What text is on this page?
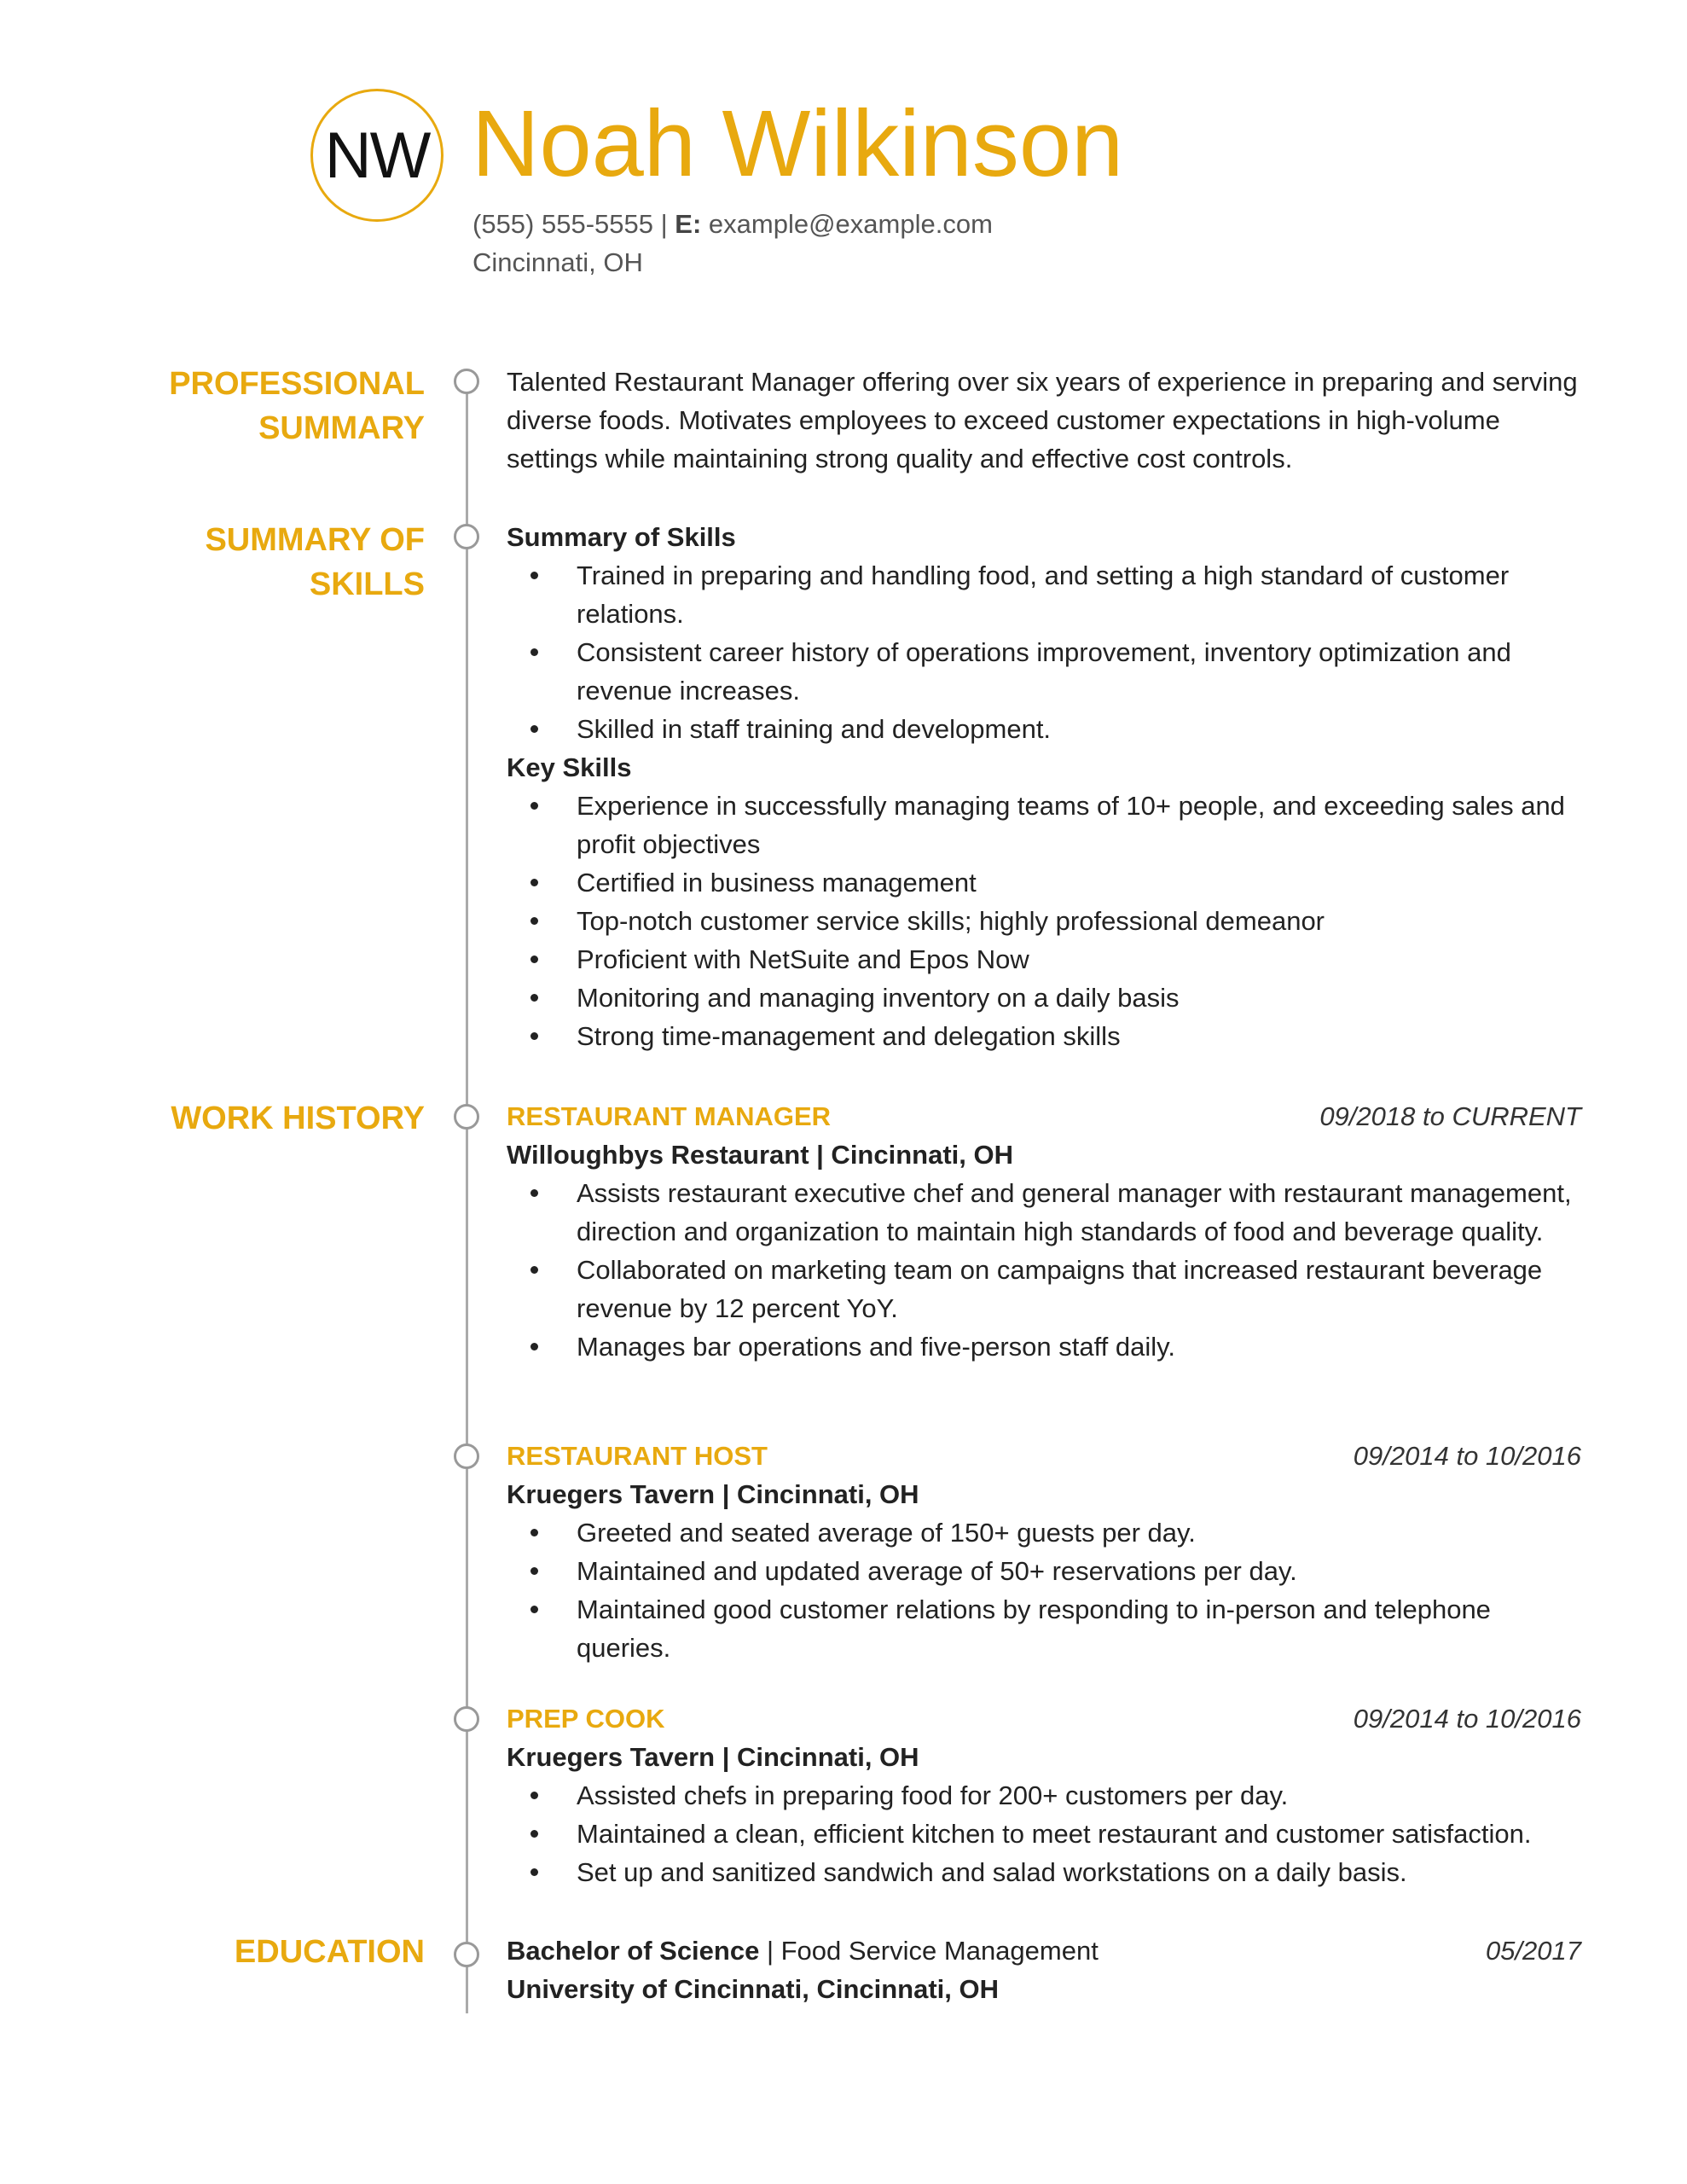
NW Noah Wilkinson
(555) 555-5555 | E: example@example.com
Cincinnati, OH
PROFESSIONAL SUMMARY
Talented Restaurant Manager offering over six years of experience in preparing and serving diverse foods. Motivates employees to exceed customer expectations in high-volume settings while maintaining strong quality and effective cost controls.
SUMMARY OF SKILLS
Summary of Skills
Trained in preparing and handling food, and setting a high standard of customer relations.
Consistent career history of operations improvement, inventory optimization and revenue increases.
Skilled in staff training and development.
Key Skills
Experience in successfully managing teams of 10+ people, and exceeding sales and profit objectives
Certified in business management
Top-notch customer service skills; highly professional demeanor
Proficient with NetSuite and Epos Now
Monitoring and managing inventory on a daily basis
Strong time-management and delegation skills
WORK HISTORY	RESTAURANT MANAGER	09/2018 to CURRENT
Willoughbys Restaurant | Cincinnati, OH
Assists restaurant executive chef and general manager with restaurant management, direction and organization to maintain high standards of food and beverage quality.
Collaborated on marketing team on campaigns that increased restaurant beverage revenue by 12 percent YoY.
Manages bar operations and five-person staff daily.
RESTAURANT HOST	09/2014 to 10/2016
Kruegers Tavern | Cincinnati, OH
Greeted and seated average of 150+ guests per day.
Maintained and updated average of 50+ reservations per day.
Maintained good customer relations by responding to in-person and telephone queries.
PREP COOK	09/2014 to 10/2016
Kruegers Tavern | Cincinnati, OH
Assisted chefs in preparing food for 200+ customers per day.
Maintained a clean, efficient kitchen to meet restaurant and customer satisfaction.
Set up and sanitized sandwich and salad workstations on a daily basis.
EDUCATION	Bachelor of Science | Food Service Management	05/2017
University of Cincinnati, Cincinnati, OH
